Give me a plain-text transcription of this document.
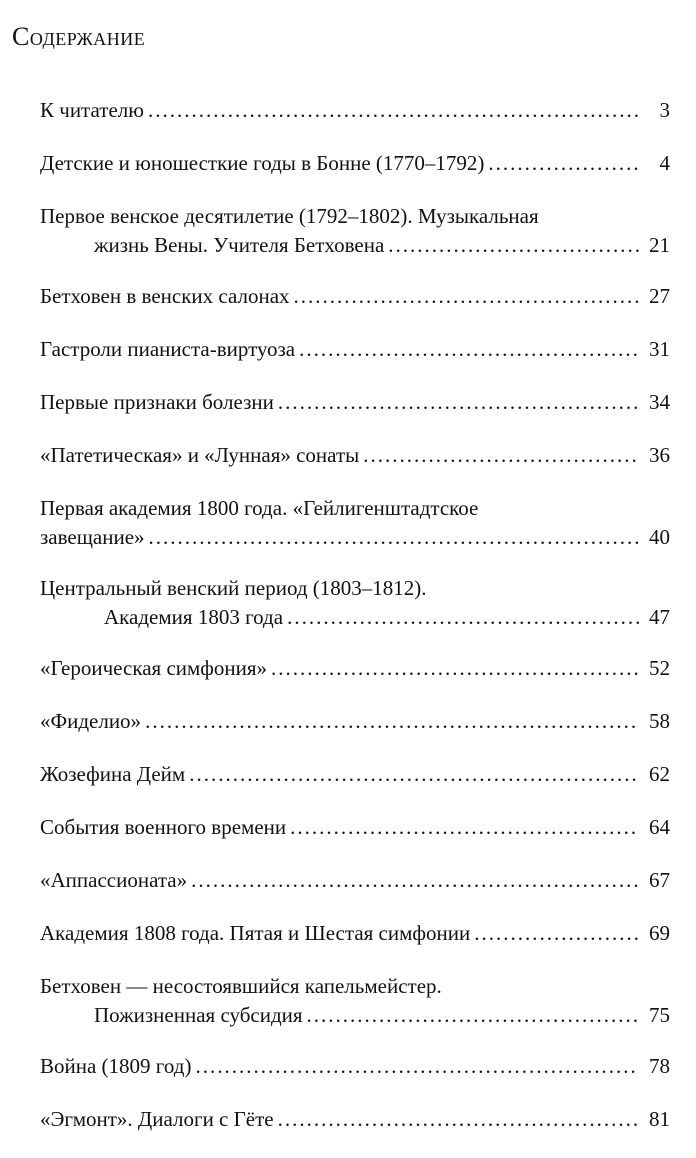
Содержание
К читателю .....	3
Детские и юношесткие годы в Бонне (1770–1792) .....	4
Первое венское десятилетие (1792–1802). Музыкальная
жизнь Вены. Учителя Бетховена .....	21
Бетховен в венских салонах .....	27
Гастроли пианиста-виртуоза .....	31
Первые признаки болезни .....	34
«Патетическая» и «Лунная» сонаты .....	36
Первая академия 1800 года. «Гейлигенштадтское
завещание» .....	40
Центральный венский период (1803–1812).
Академия 1803 года .....	47
«Героическая симфония» .....	52
«Фиделио» .....	58
Жозефина Дейм .....	62
События военного времени .....	64
«Аппассионата» .....	67
Академия 1808 года. Пятая и Шестая симфонии .....	69
Бетховен — несостоявшийся капельмейстер.
Пожизненная субсидия .....	75
Война (1809 год) .....	78
«Эгмонт». Диалоги с Гёте .....	81
